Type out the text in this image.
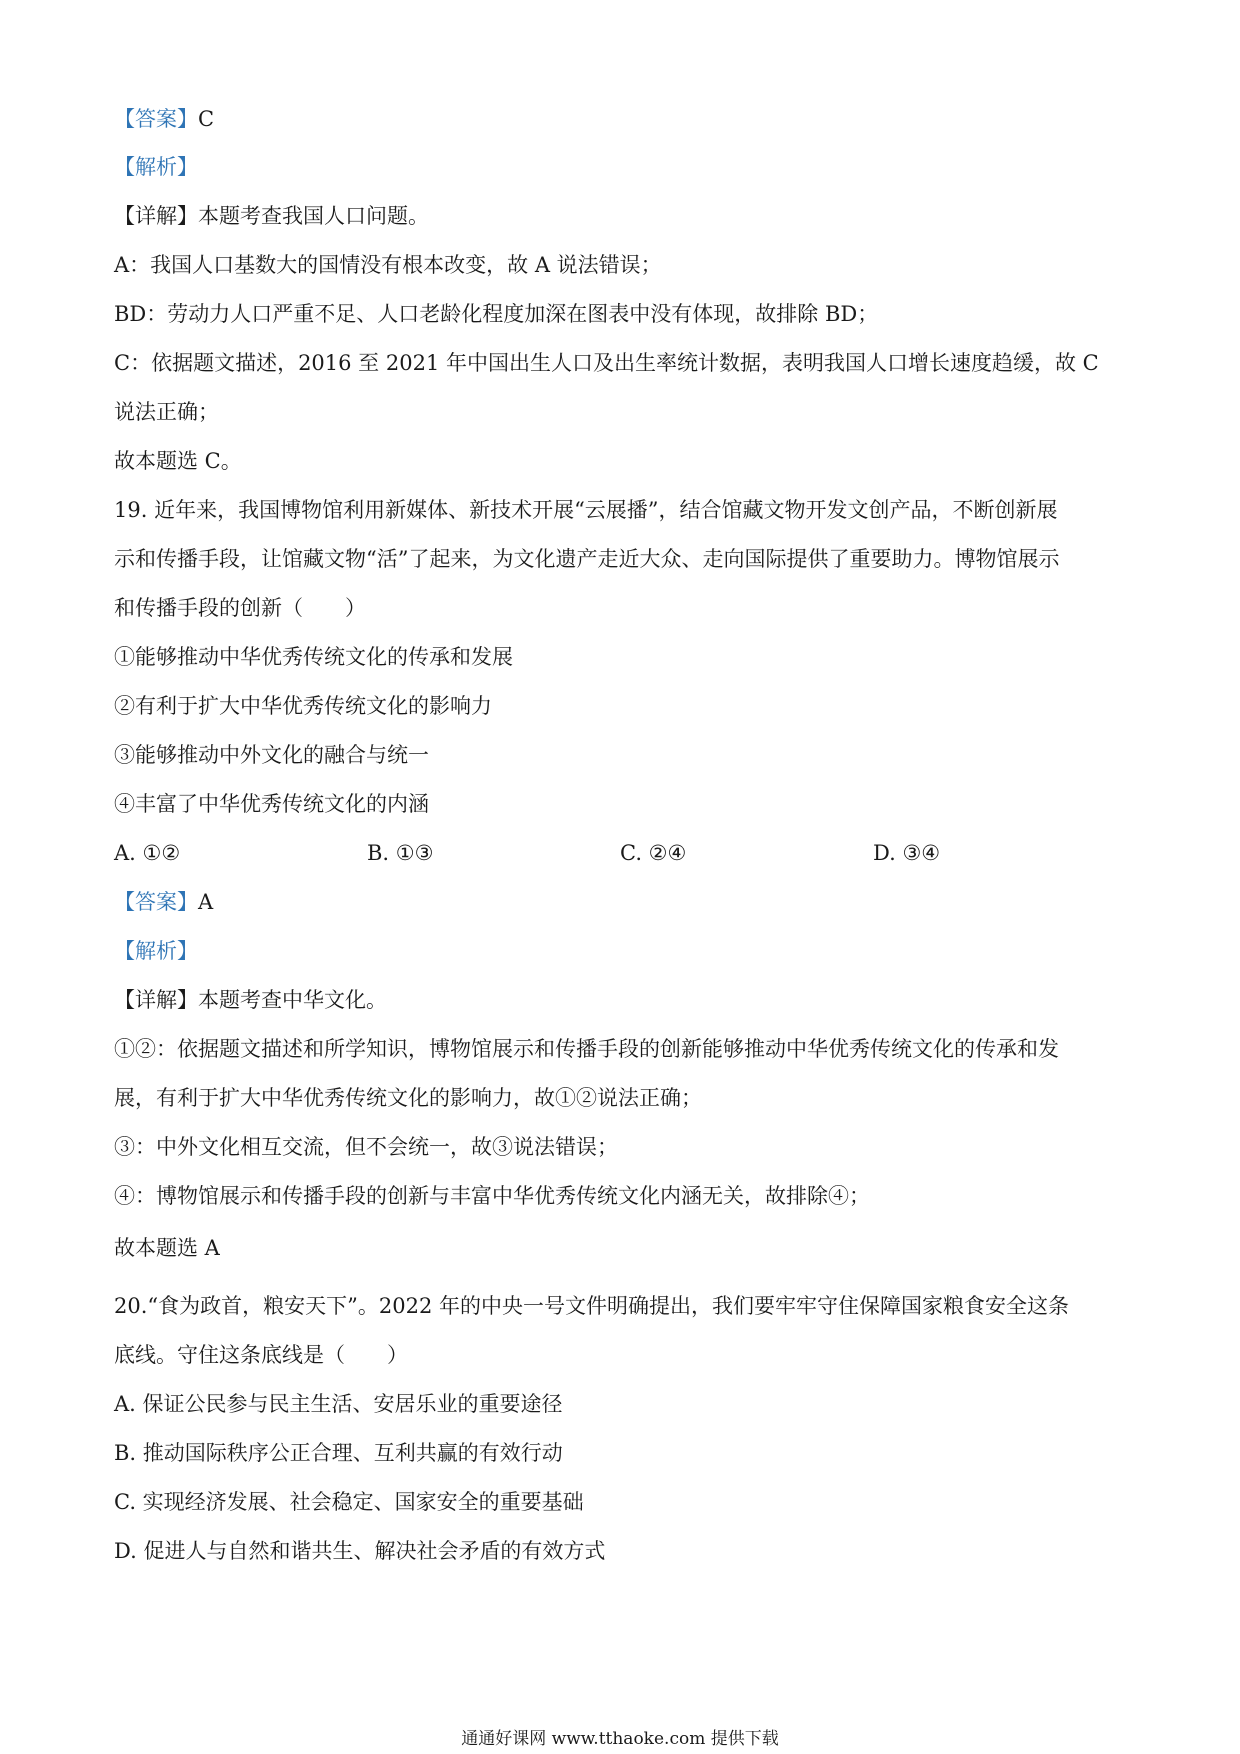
【答案】C
【解析】
【详解】本题考查我国人口问题。
A：我国人口基数大的国情没有根本改变，故 A 说法错误；
BD：劳动力人口严重不足、人口老龄化程度加深在图表中没有体现，故排除 BD；
C：依据题文描述，2016 至 2021 年中国出生人口及出生率统计数据，表明我国人口增长速度趋缓，故 C
说法正确；
故本题选 C。
19. 近年来，我国博物馆利用新媒体、新技术开展“云展播”，结合馆藏文物开发文创产品，不断创新展
示和传播手段，让馆藏文物“活”了起来，为文化遗产走近大众、走向国际提供了重要助力。博物馆展示
和传播手段的创新（　　）
①能够推动中华优秀传统文化的传承和发展
②有利于扩大中华优秀传统文化的影响力
③能够推动中外文化的融合与统一
④丰富了中华优秀传统文化的内涵
A. ①②	B. ①③	C. ②④	D. ③④
【答案】A
【解析】
【详解】本题考查中华文化。
①②：依据题文描述和所学知识，博物馆展示和传播手段的创新能够推动中华优秀传统文化的传承和发
展，有利于扩大中华优秀传统文化的影响力，故①②说法正确；
③：中外文化相互交流，但不会统一，故③说法错误；
④：博物馆展示和传播手段的创新与丰富中华优秀传统文化内涵无关，故排除④；
故本题选 A
20.“食为政首，粮安天下”。2022 年的中央一号文件明确提出，我们要牢牢守住保障国家粮食安全这条
底线。守住这条底线是（　　）
A. 保证公民参与民主生活、安居乐业的重要途径
B. 推动国际秩序公正合理、互利共赢的有效行动
C. 实现经济发展、社会稳定、国家安全的重要基础
D. 促进人与自然和谐共生、解决社会矛盾的有效方式
通通好课网 www.tthaoke.com 提供下载
